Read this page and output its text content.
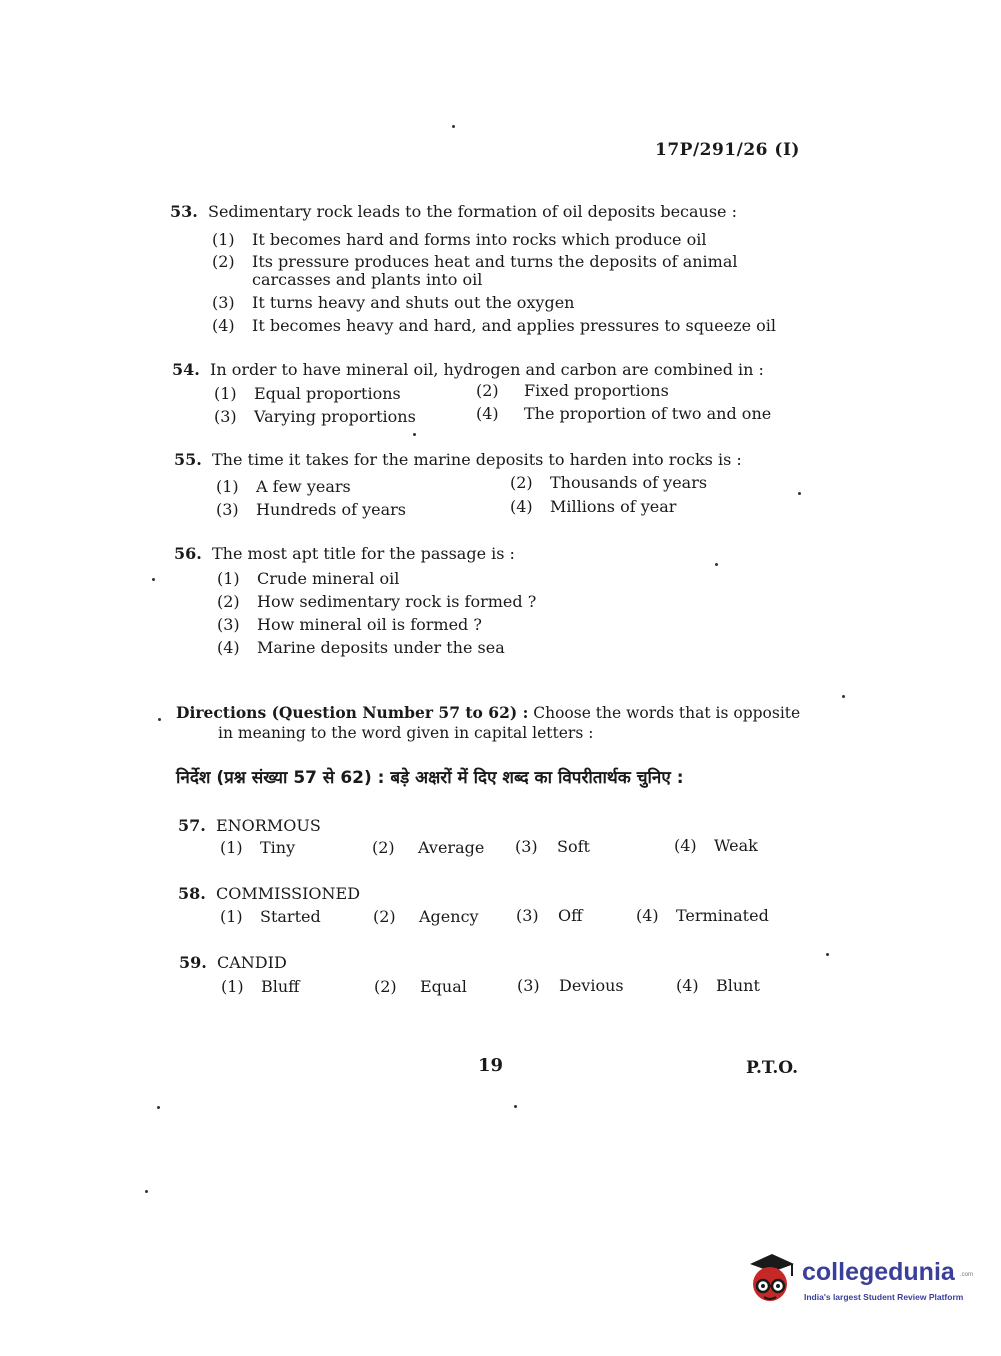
17P/291/26 (I)
53. Sedimentary rock leads to the formation of oil deposits because :
(1) It becomes hard and forms into rocks which produce oil
(2) Its pressure produces heat and turns the deposits of animal
carcasses and plants into oil
(3) It turns heavy and shuts out the oxygen
(4) It becomes heavy and hard, and applies pressures to squeeze oil
54. In order to have mineral oil, hydrogen and carbon are combined in :
(1) Equal proportions	(2) Fixed proportions
(3) Varying proportions	(4) The proportion of two and one
55. The time it takes for the marine deposits to harden into rocks is :
(1) A few years	(2) Thousands of years
(3) Hundreds of years	(4) Millions of year
56. The most apt title for the passage is :
(1) Crude mineral oil
(2) How sedimentary rock is formed ?
(3) How mineral oil is formed ?
(4) Marine deposits under the sea
Directions (Question Number 57 to 62) : Choose the words that is opposite
in meaning to the word given in capital letters :
निर्देश (प्रश्न संख्या 57 से 62) : बड़े अक्षरों में दिए शब्द का विपरीतार्थक चुनिए :
57. ENORMOUS
(1) Tiny	(2) Average (3) Soft	(4) Weak
58. COMMISSIONED
(1) Started	(2) Agency (3) Off	(4) Terminated
59. CANDID
(1) Bluff	(2) Equal	(3) Devious	(4) Blunt
19	P.T.O.
collegedunia .com
India's largest Student Review Platform
